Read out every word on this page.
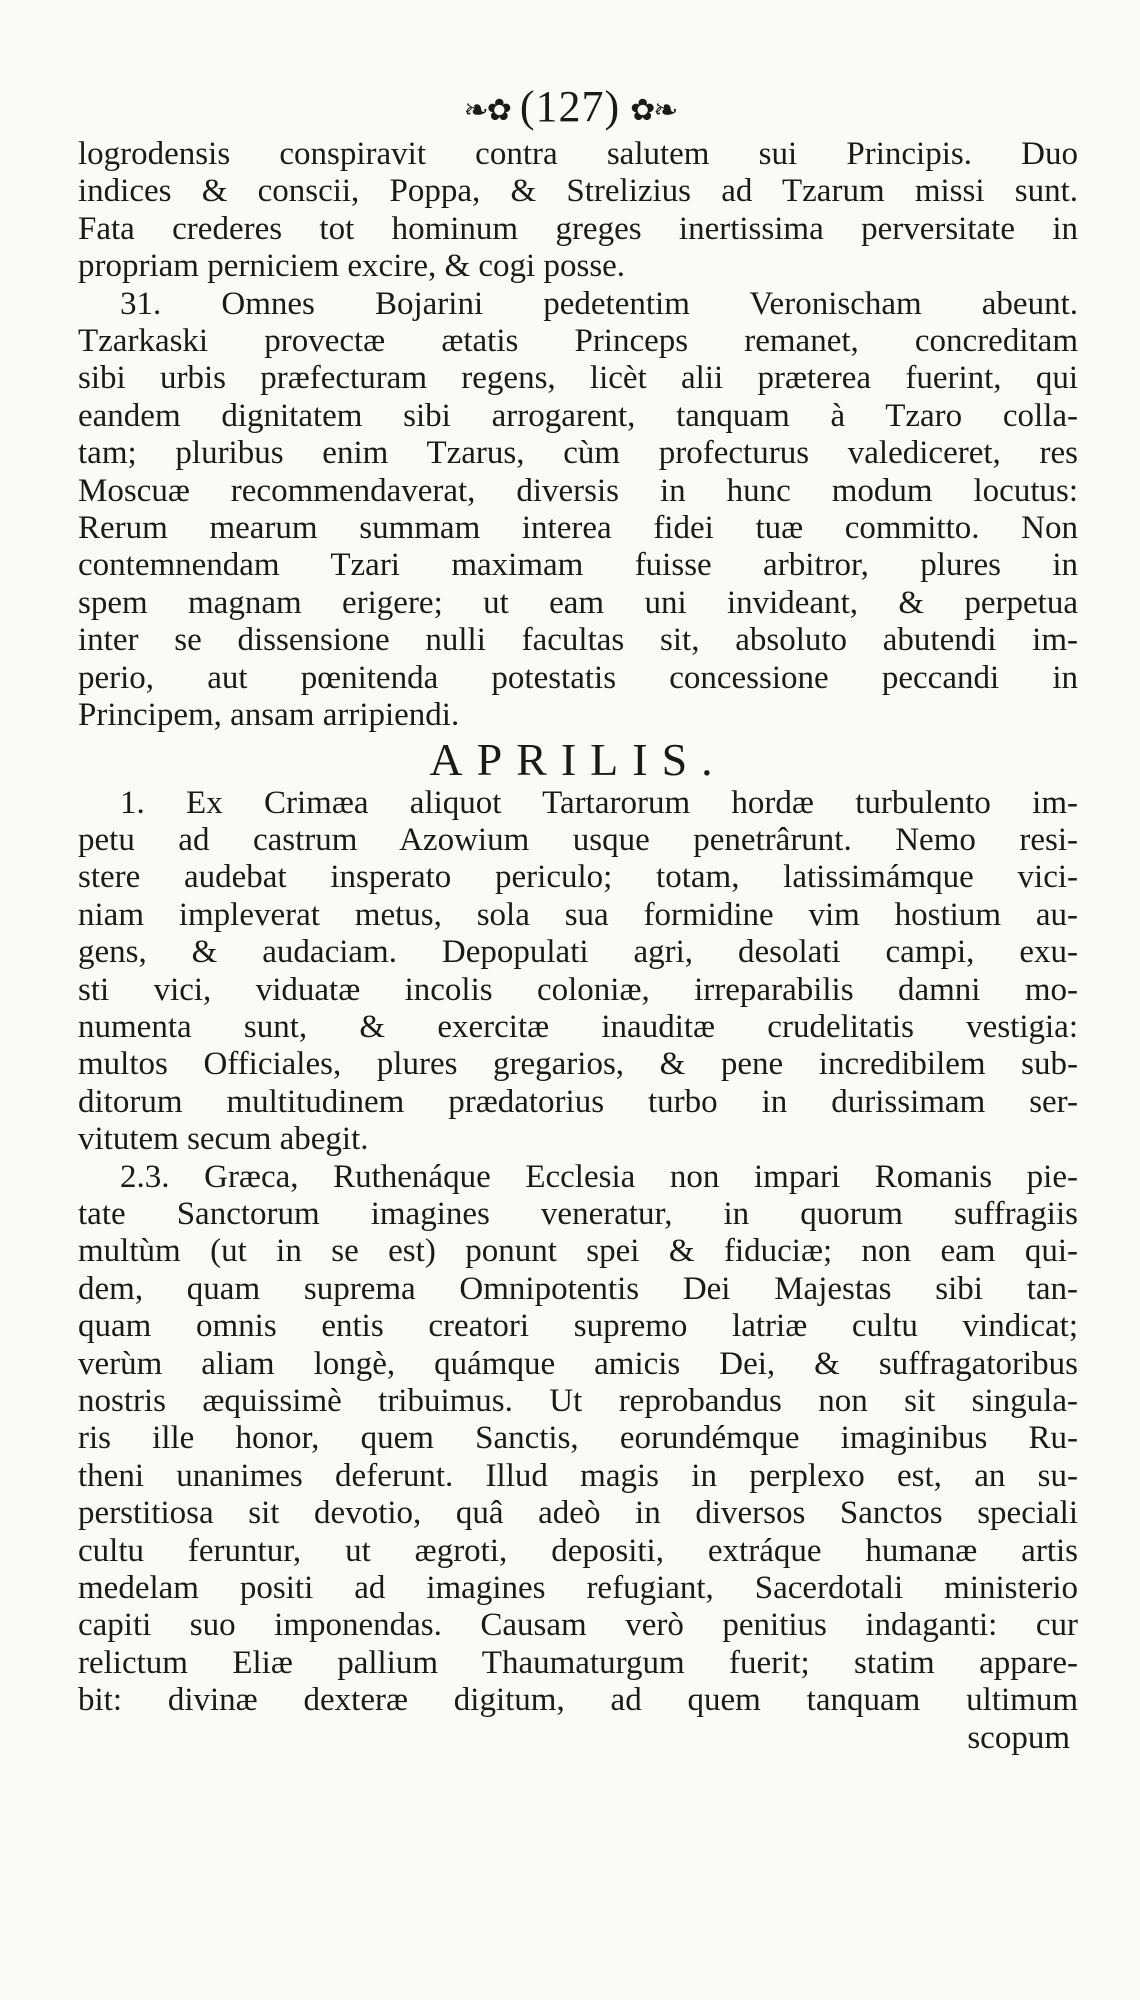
❧✿ (127) ✿❧

logrodensis conspiravit contra salutem sui Principis. Duo
indices & conscii, Poppa, & Strelizius ad Tzarum missi sunt.
Fata crederes tot hominum greges inertissima perversitate in
propriam perniciem excire, & cogi posse.

31. Omnes Bojarini pedetentim Veronischam abeunt.
Tzarkaski provectæ ætatis Princeps remanet, concreditam
sibi urbis præfecturam regens, licèt alii præterea fuerint, qui
eandem dignitatem sibi arrogarent, tanquam à Tzaro colla-
tam; pluribus enim Tzarus, cùm profecturus valediceret, res
Moscuæ recommendaverat, diversis in hunc modum locutus:
Rerum mearum summam interea fidei tuæ committo. Non
contemnendam Tzari maximam fuisse arbitror, plures in
spem magnam erigere; ut eam uni invideant, & perpetua
inter se dissensione nulli facultas sit, absoluto abutendi im-
perio, aut pœnitenda potestatis concessione peccandi in
Principem, ansam arripiendi.

APRILIS.

1. Ex Crimæa aliquot Tartarorum hordæ turbulento im-
petu ad castrum Azowium usque penetrârunt. Nemo resi-
stere audebat insperato periculo; totam, latissimámque vici-
niam impleverat metus, sola sua formidine vim hostium au-
gens, & audaciam. Depopulati agri, desolati campi, exu-
sti vici, viduatæ incolis coloniæ, irreparabilis damni mo-
numenta sunt, & exercitæ inauditæ crudelitatis vestigia:
multos Officiales, plures gregarios, & pene incredibilem sub-
ditorum multitudinem prædatorius turbo in durissimam ser-
vitutem secum abegit.

2.3. Græca, Ruthenáque Ecclesia non impari Romanis pie-
tate Sanctorum imagines veneratur, in quorum suffragiis
multùm (ut in se est) ponunt spei & fiduciæ; non eam qui-
dem, quam suprema Omnipotentis Dei Majestas sibi tan-
quam omnis entis creatori supremo latriæ cultu vindicat;
verùm aliam longè, quámque amicis Dei, & suffragatoribus
nostris æquissimè tribuimus. Ut reprobandus non sit singula-
ris ille honor, quem Sanctis, eorundémque imaginibus Ru-
theni unanimes deferunt. Illud magis in perplexo est, an su-
perstitiosa sit devotio, quâ adeò in diversos Sanctos speciali
cultu feruntur, ut ægroti, depositi, extráque humanæ artis
medelam positi ad imagines refugiant, Sacerdotali ministerio
capiti suo imponendas. Causam verò penitius indaganti: cur
relictum Eliæ pallium Thaumaturgum fuerit; statim appare-
bit: divinæ dexteræ digitum, ad quem tanquam ultimum

scopum
